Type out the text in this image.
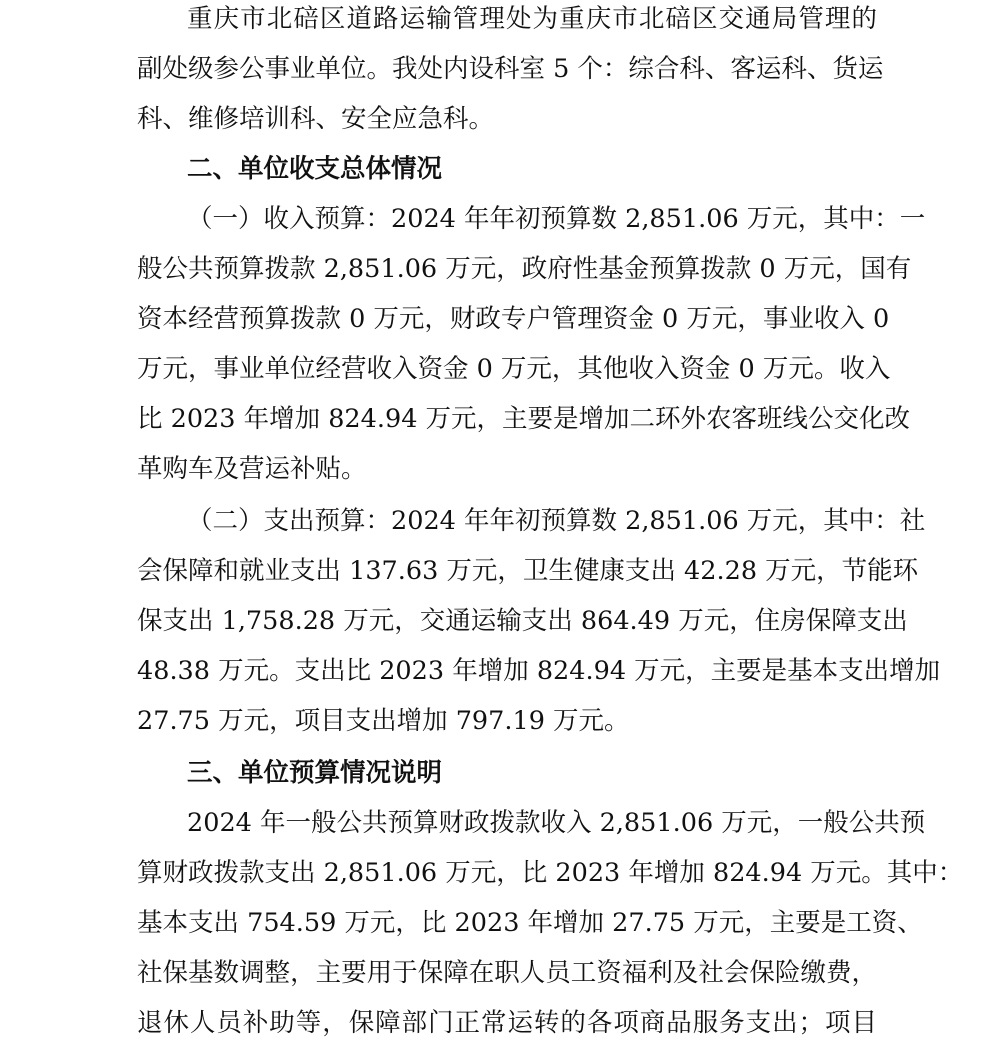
重庆市北碚区道路运输管理处为重庆市北碚区交通局管理的
副处级参公事业单位。我处内设科室 5 个：综合科、客运科、货运
科、维修培训科、安全应急科。
二、单位收支总体情况
（一）收入预算：2024 年年初预算数 2,851.06 万元，其中：一
般公共预算拨款 2,851.06 万元，政府性基金预算拨款 0 万元，国有
资本经营预算拨款 0 万元，财政专户管理资金 0 万元，事业收入 0
万元，事业单位经营收入资金 0 万元，其他收入资金 0 万元。收入
比 2023 年增加 824.94 万元，主要是增加二环外农客班线公交化改
革购车及营运补贴。
（二）支出预算：2024 年年初预算数 2,851.06 万元，其中：社
会保障和就业支出 137.63 万元，卫生健康支出 42.28 万元，节能环
保支出 1,758.28 万元，交通运输支出 864.49 万元，住房保障支出
48.38 万元。支出比 2023 年增加 824.94 万元，主要是基本支出增加
27.75 万元，项目支出增加 797.19 万元。
三、单位预算情况说明
2024 年一般公共预算财政拨款收入 2,851.06 万元，一般公共预
算财政拨款支出 2,851.06 万元，比 2023 年增加 824.94 万元。其中：
基本支出 754.59 万元，比 2023 年增加 27.75 万元，主要是工资、
社保基数调整，主要用于保障在职人员工资福利及社会保险缴费，
退休人员补助等，保障部门正常运转的各项商品服务支出；项目
